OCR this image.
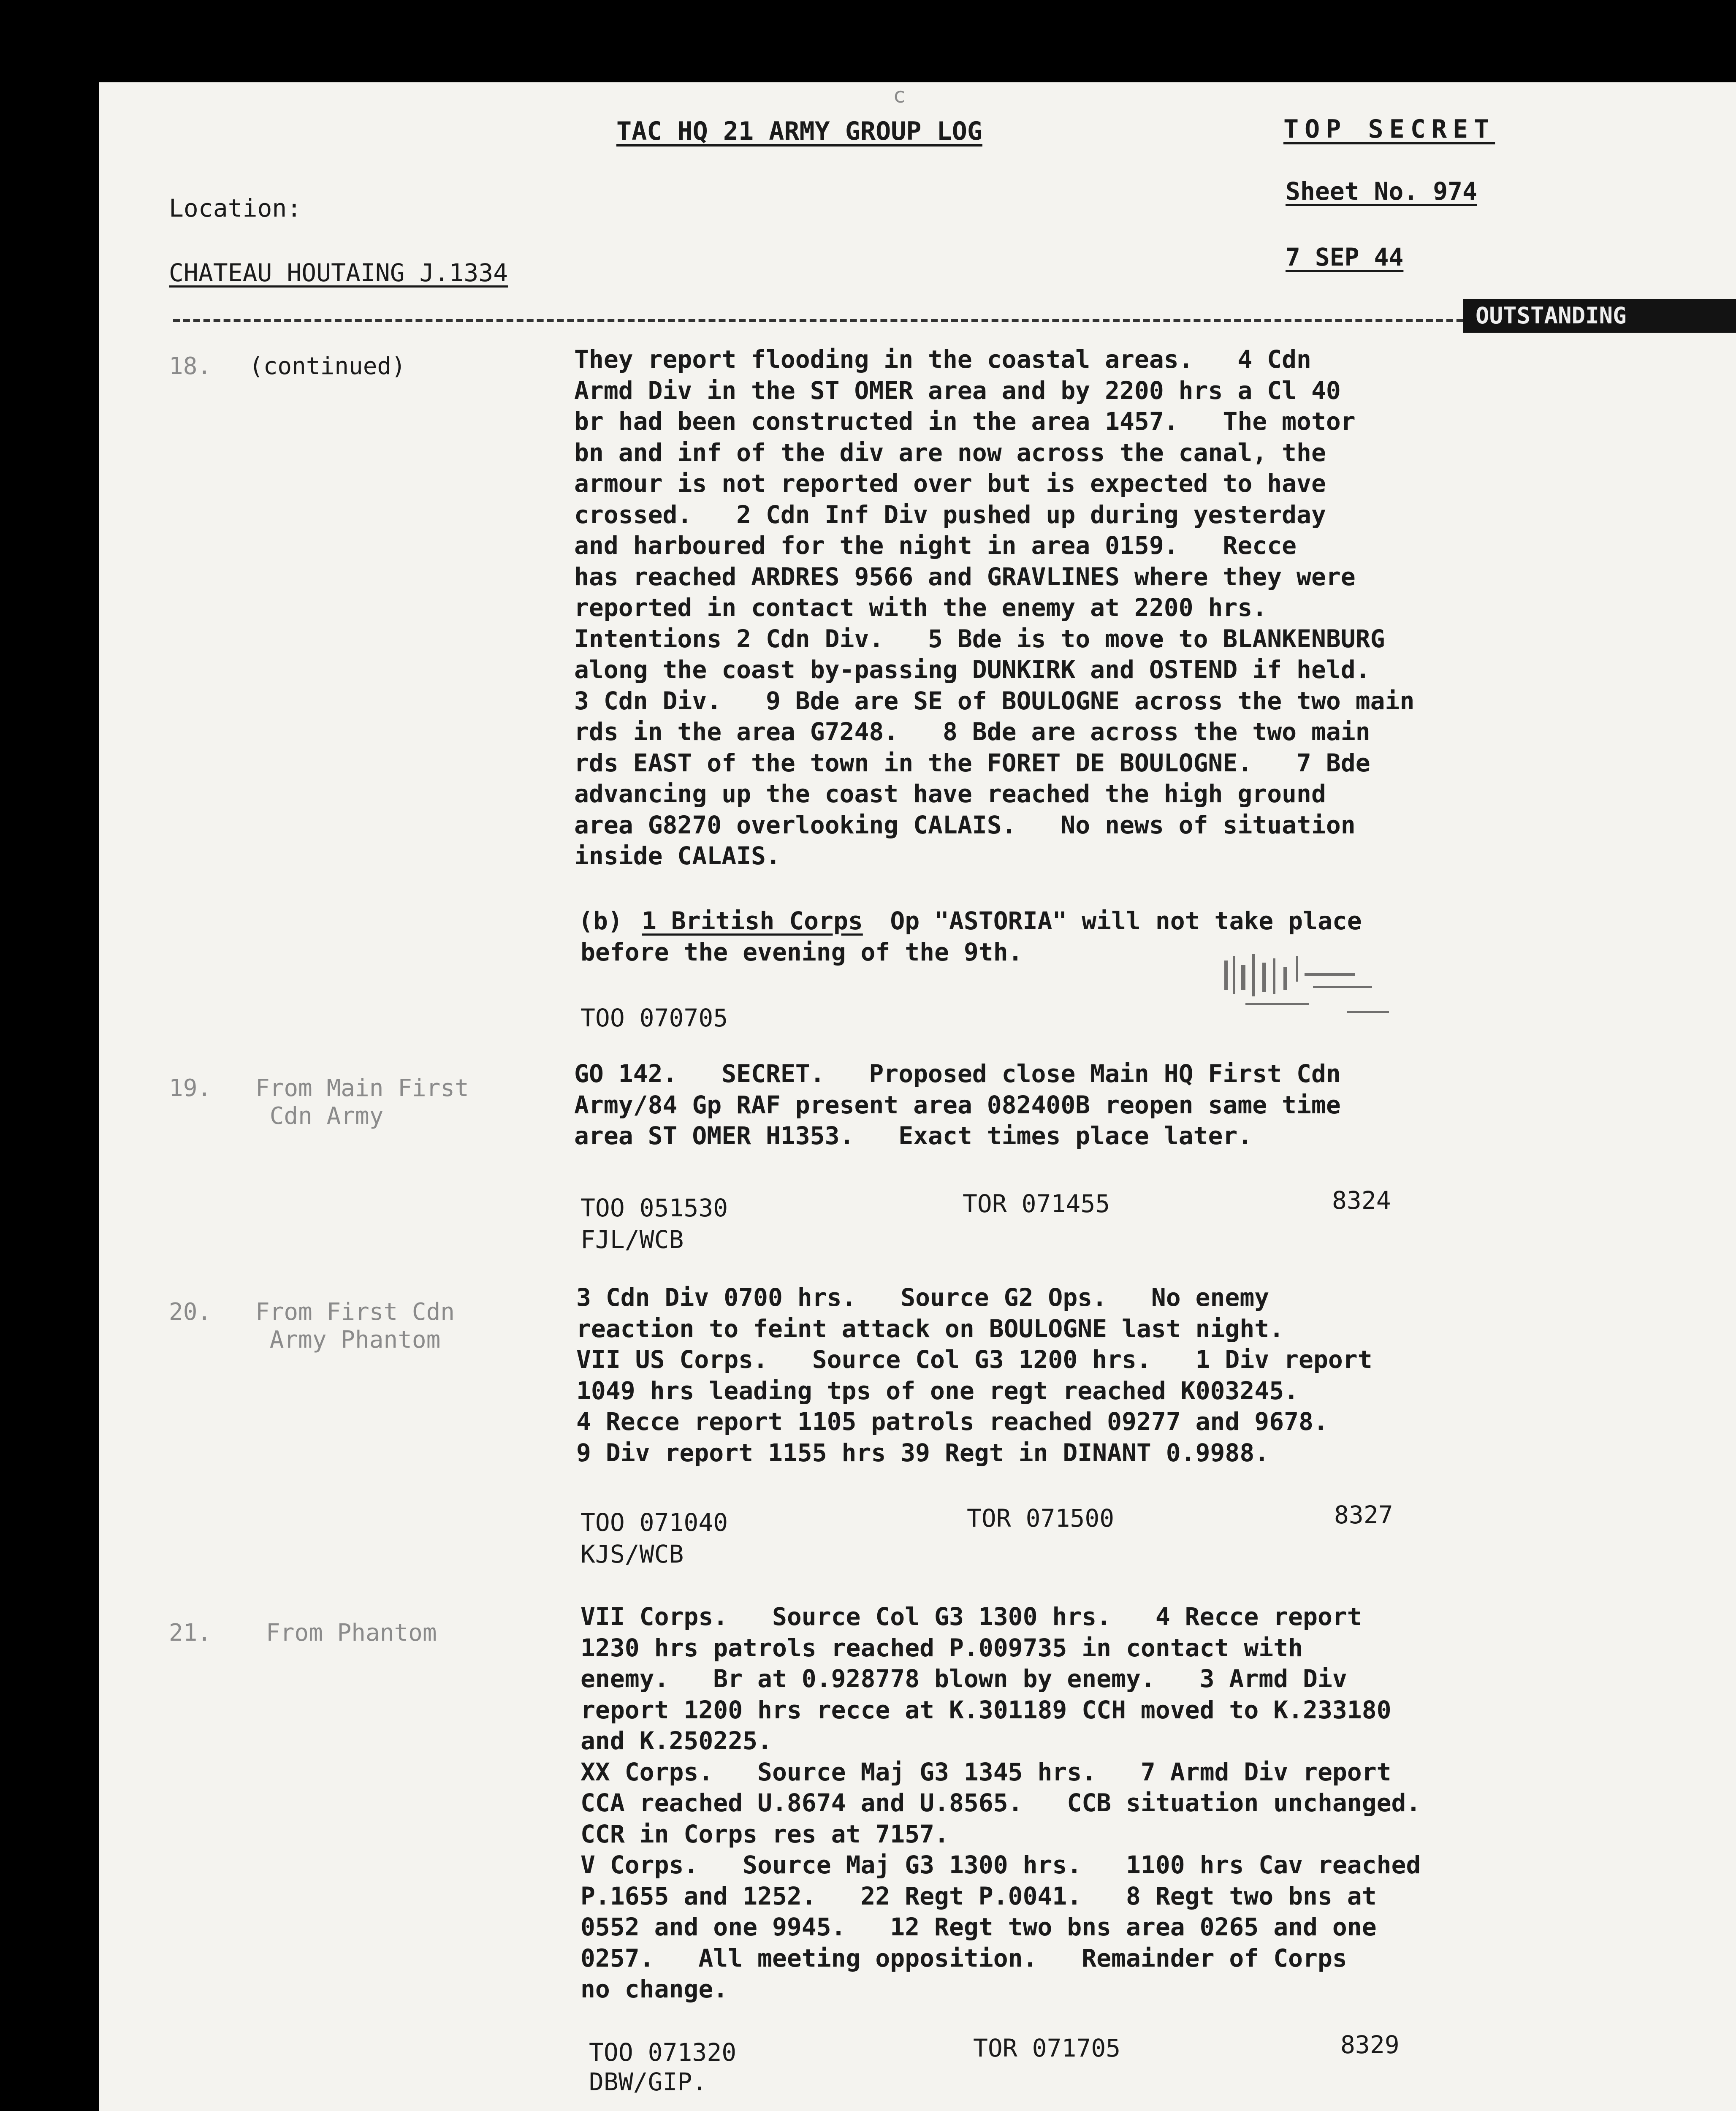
TAC HQ 21 ARMY GROUP LOG	TOP SECRET
c
Location:
Sheet No. 974
CHATEAU HOUTAING J.1334
7 SEP 44
OUTSTANDING
18. (continued)	They report flooding in the coastal areas.   4 Cdn
Armd Div in the ST OMER area and by 2200 hrs a Cl 40
br had been constructed in the area 1457.   The motor
bn and inf of the div are now across the canal, the
armour is not reported over but is expected to have
crossed.   2 Cdn Inf Div pushed up during yesterday
and harboured for the night in area 0159.   Recce
has reached ARDRES 9566 and GRAVLINES where they were
reported in contact with the enemy at 2200 hrs.
Intentions 2 Cdn Div.   5 Bde is to move to BLANKENBURG
along the coast by-passing DUNKIRK and OSTEND if held.
3 Cdn Div.   9 Bde are SE of BOULOGNE across the two main
rds in the area G7248.   8 Bde are across the two main
rds EAST of the town in the FORET DE BOULOGNE.   7 Bde
advancing up the coast have reached the high ground
area G8270 overlooking CALAIS.   No news of situation
inside CALAIS.
(b) 1 British Corps	Op "ASTORIA" will not take place
before the evening of the 9th.
TOO 070705
19. From Main First
Cdn Army
GO 142.   SECRET.   Proposed close Main HQ First Cdn
Army/84 Gp RAF present area 082400B reopen same time
area ST OMER H1353.   Exact times place later.
TOO 051530	TOR 071455	8324
FJL/WCB
20. From First Cdn
Army Phantom
3 Cdn Div 0700 hrs.   Source G2 Ops.   No enemy
reaction to feint attack on BOULOGNE last night.
VII US Corps.   Source Col G3 1200 hrs.   1 Div report
1049 hrs leading tps of one regt reached K003245.
4 Recce report 1105 patrols reached 09277 and 9678.
9 Div report 1155 hrs 39 Regt in DINANT 0.9988.
TOO 071040	TOR 071500	8327
KJS/WCB
21. From Phantom
VII Corps.   Source Col G3 1300 hrs.   4 Recce report
1230 hrs patrols reached P.009735 in contact with
enemy.   Br at 0.928778 blown by enemy.   3 Armd Div
report 1200 hrs recce at K.301189 CCH moved to K.233180
and K.250225.
XX Corps.   Source Maj G3 1345 hrs.   7 Armd Div report
CCA reached U.8674 and U.8565.   CCB situation unchanged.
CCR in Corps res at 7157.
V Corps.   Source Maj G3 1300 hrs.   1100 hrs Cav reached
P.1655 and 1252.   22 Regt P.0041.   8 Regt two bns at
0552 and one 9945.   12 Regt two bns area 0265 and one
0257.   All meeting opposition.   Remainder of Corps
no change.
TOO 071320	TOR 071705	8329
DBW/GIP.
